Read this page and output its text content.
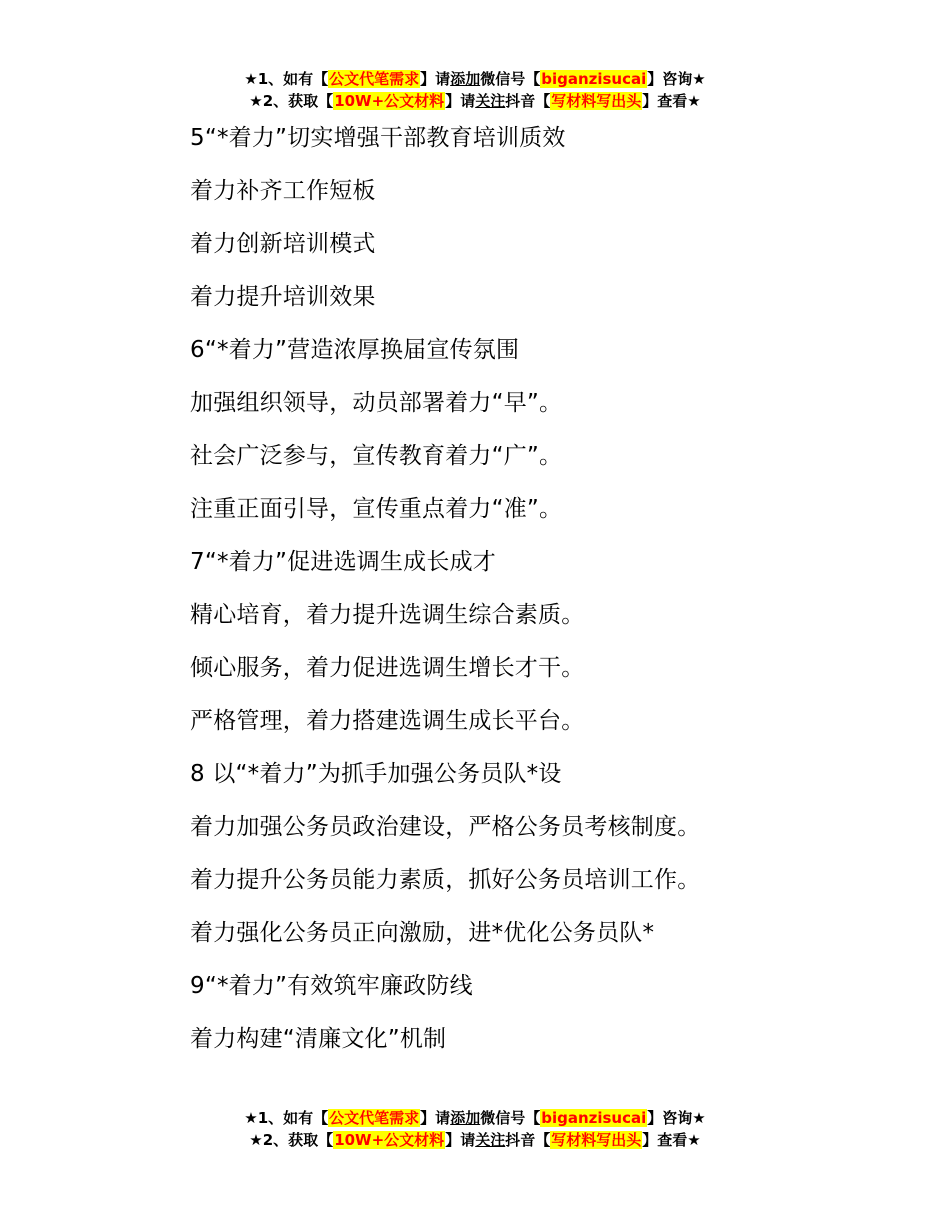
★1、如有【公文代笔需求】请添加微信号【biganzisucai】咨询★
★2、获取【10W+公文材料】请关注抖音【写材料写出头】查看★
5“*着力”切实增强干部教育培训质效
着力补齐工作短板
着力创新培训模式
着力提升培训效果
6“*着力”营造浓厚换届宣传氛围
加强组织领导，动员部署着力“早”。
社会广泛参与，宣传教育着力“广”。
注重正面引导，宣传重点着力“准”。
7“*着力”促进选调生成长成才
精心培育，着力提升选调生综合素质。
倾心服务，着力促进选调生增长才干。
严格管理，着力搭建选调生成长平台。
8 以“*着力”为抓手加强公务员队*设
着力加强公务员政治建设，严格公务员考核制度。
着力提升公务员能力素质，抓好公务员培训工作。
着力强化公务员正向激励，进*优化公务员队*
9“*着力”有效筑牢廉政防线
着力构建“清廉文化”机制
★1、如有【公文代笔需求】请添加微信号【biganzisucai】咨询★
★2、获取【10W+公文材料】请关注抖音【写材料写出头】查看★
